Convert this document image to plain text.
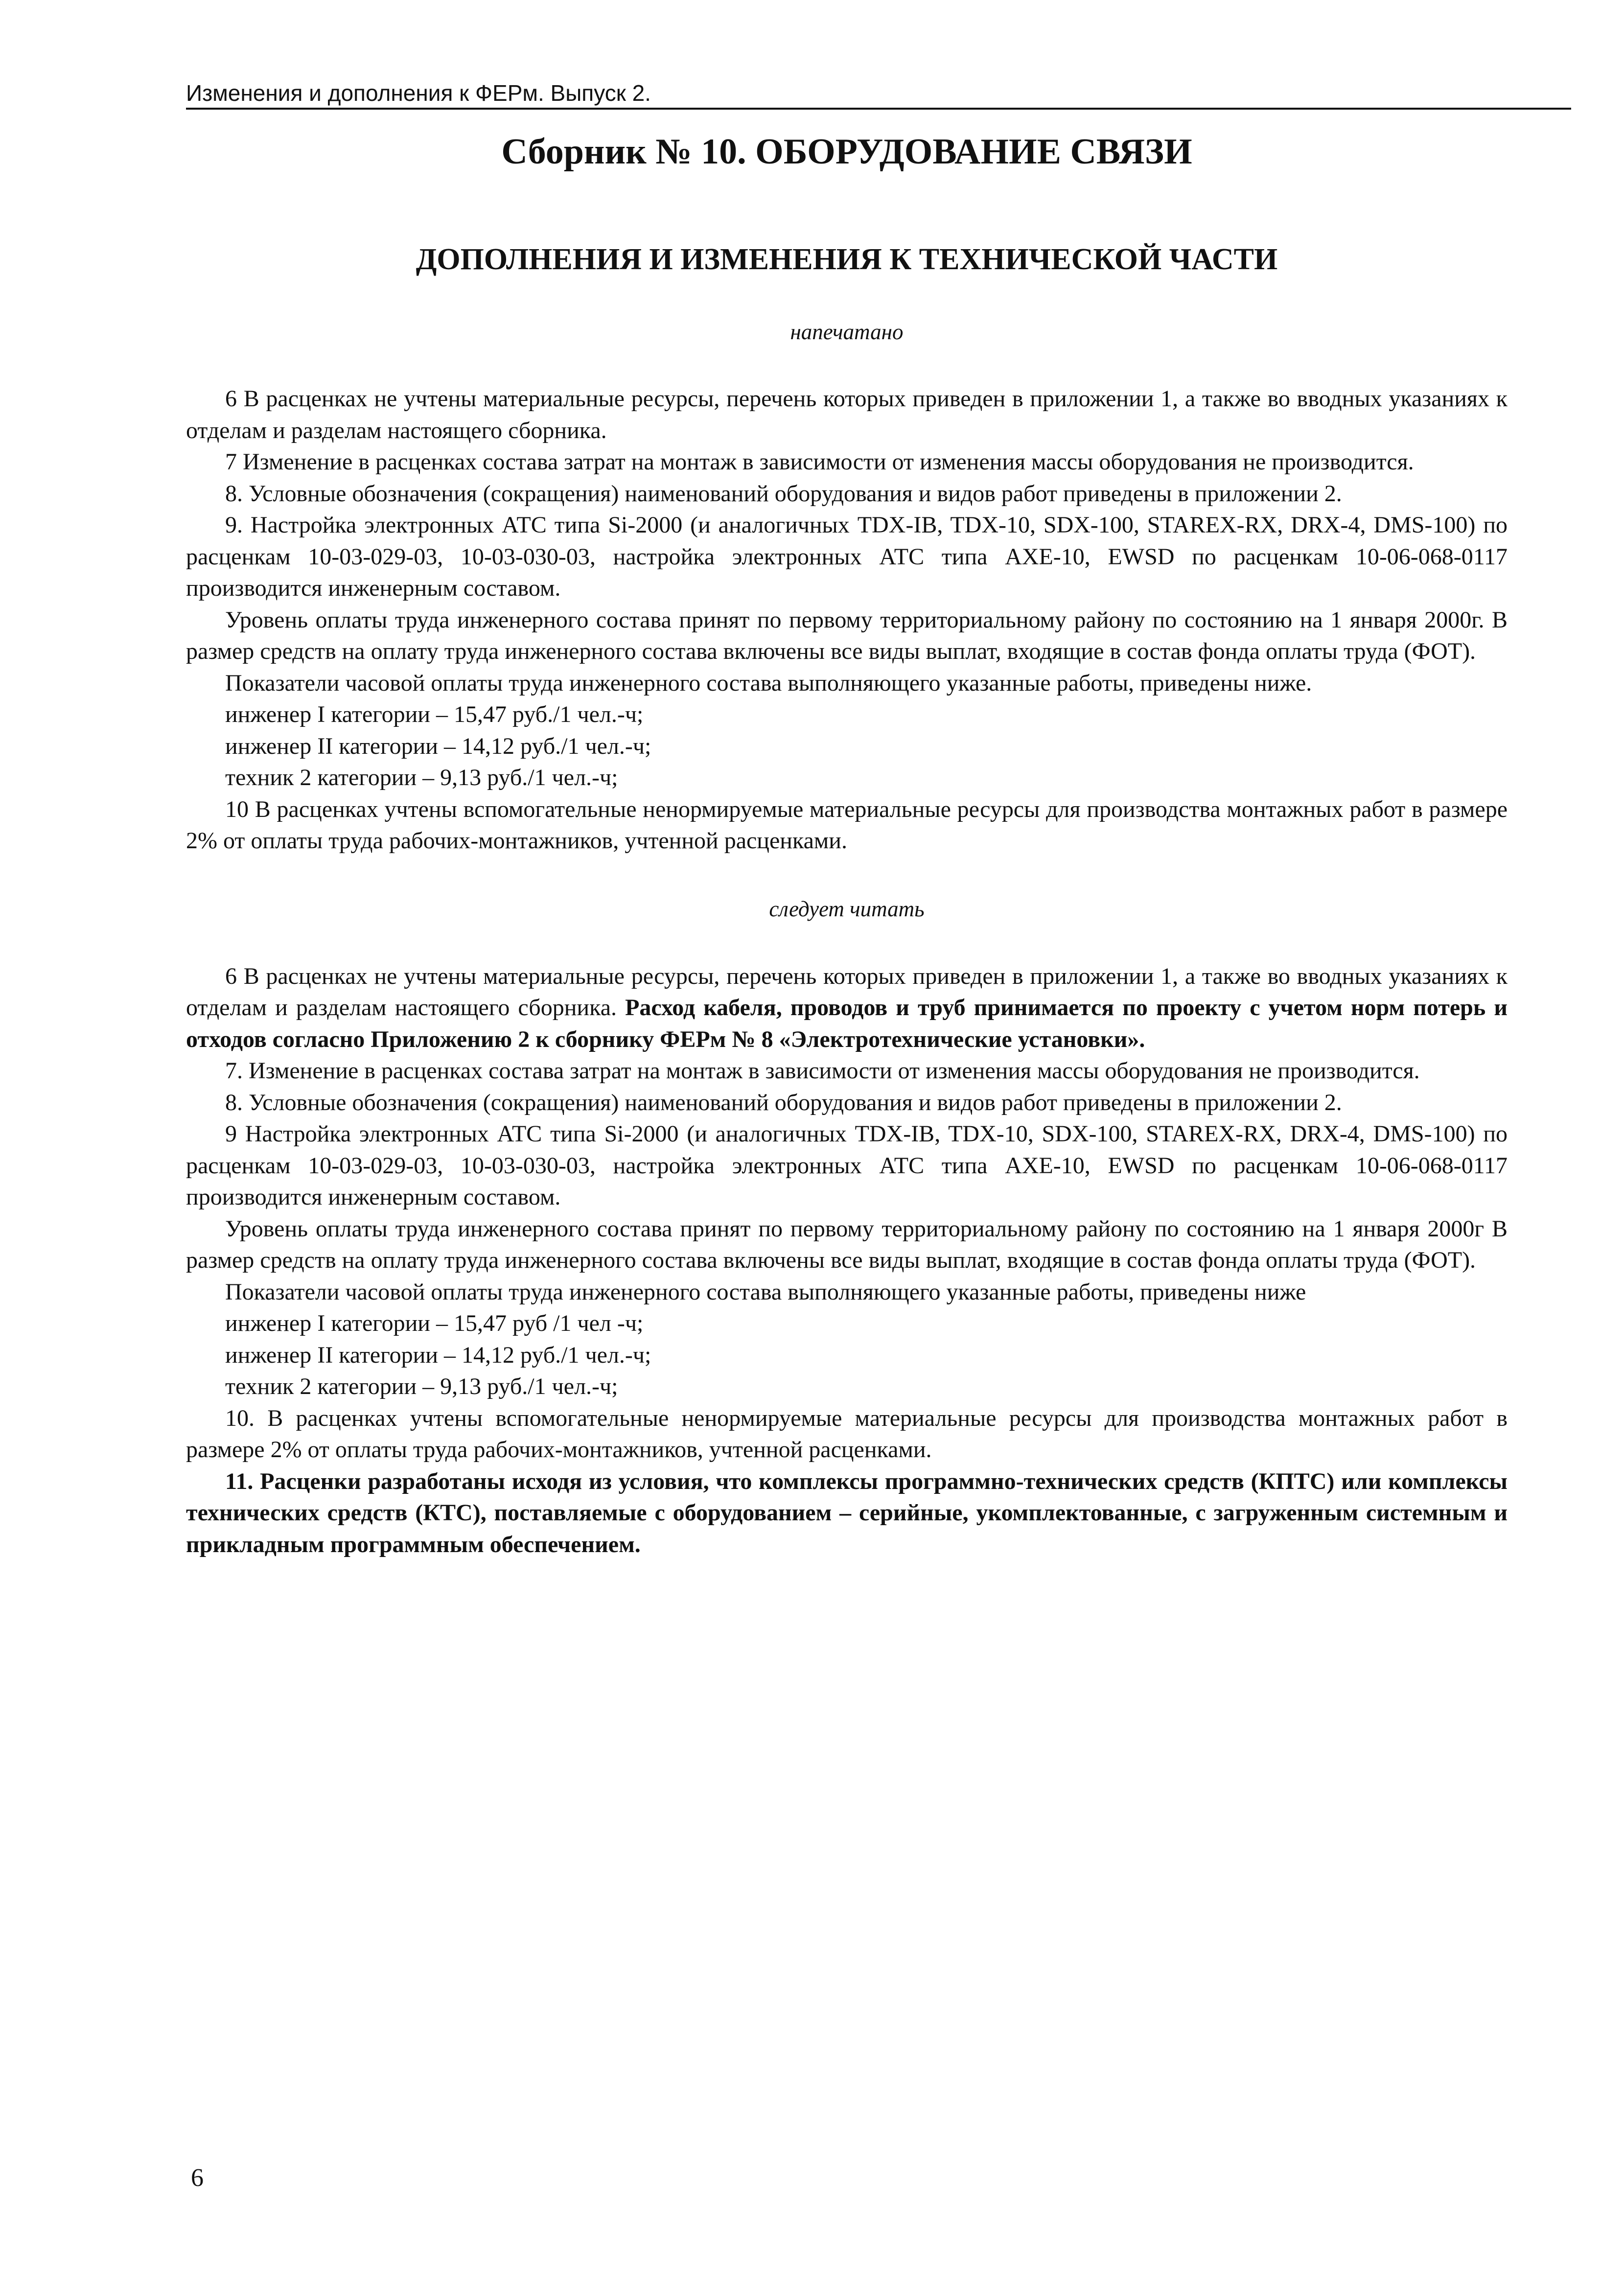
Изменения и дополнения к ФЕРм. Выпуск 2.
Сборник № 10. ОБОРУДОВАНИЕ СВЯЗИ
ДОПОЛНЕНИЯ И ИЗМЕНЕНИЯ К ТЕХНИЧЕСКОЙ ЧАСТИ
напечатано

6 В расценках не учтены материальные ресурсы, перечень которых приведен в приложении 1, а также во вводных указаниях к отделам и разделам настоящего сборника.

7 Изменение в расценках состава затрат на монтаж в зависимости от изменения массы оборудования не производится.

8. Условные обозначения (сокращения) наименований оборудования и видов работ приведены в приложении 2.

9. Настройка электронных АТС типа Si-2000 (и аналогичных TDX-IB, TDX-10, SDX-100, STAREX-RX, DRX-4, DMS-100) по расценкам 10-03-029-03, 10-03-030-03, настройка электронных АТС типа AXE-10, EWSD по расценкам 10-06-068-0117 производится инженерным составом.

Уровень оплаты труда инженерного состава принят по первому территориальному району по состоянию на 1 января 2000г. В размер средств на оплату труда инженерного состава включены все виды выплат, входящие в состав фонда оплаты труда (ФОТ).

Показатели часовой оплаты труда инженерного состава выполняющего указанные работы, приведены ниже.

инженер I категории – 15,47 руб./1 чел.-ч;

инженер II категории – 14,12 руб./1 чел.-ч;

техник 2 категории – 9,13 руб./1 чел.-ч;

10 В расценках учтены вспомогательные ненормируемые материальные ресурсы для производства монтажных работ в размере 2% от оплаты труда рабочих-монтажников, учтенной расценками.

следует читать

6 В расценках не учтены материальные ресурсы, перечень которых приведен в приложении 1, а также во вводных указаниях к отделам и разделам настоящего сборника. Расход кабеля, проводов и труб принимается по проекту с учетом норм потерь и отходов согласно Приложению 2 к сборнику ФЕРм № 8 «Электротехнические установки».

7. Изменение в расценках состава затрат на монтаж в зависимости от изменения массы оборудования не производится.

8. Условные обозначения (сокращения) наименований оборудования и видов работ приведены в приложении 2.

9 Настройка электронных АТС типа Si-2000 (и аналогичных TDX-IB, TDX-10, SDX-100, STAREX-RX, DRX-4, DMS-100) по расценкам 10-03-029-03, 10-03-030-03, настройка электронных АТС типа AXE-10, EWSD по расценкам 10-06-068-0117 производится инженерным составом.

Уровень оплаты труда инженерного состава принят по первому территориальному району по состоянию на 1 января 2000г В размер средств на оплату труда инженерного состава включены все виды выплат, входящие в состав фонда оплаты труда (ФОТ).

Показатели часовой оплаты труда инженерного состава выполняющего указанные работы, приведены ниже

инженер I категории – 15,47 руб /1 чел -ч;

инженер II категории – 14,12 руб./1 чел.-ч;

техник 2 категории – 9,13 руб./1 чел.-ч;

10. В расценках учтены вспомогательные ненормируемые материальные ресурсы для производства монтажных работ в размере 2% от оплаты труда рабочих-монтажников, учтенной расценками.

11. Расценки разработаны исходя из условия, что комплексы программно-технических средств (КПТС) или комплексы технических средств (КТС), поставляемые с оборудованием – серийные, укомплектованные, с загруженным системным и прикладным программным обеспечением.

6
